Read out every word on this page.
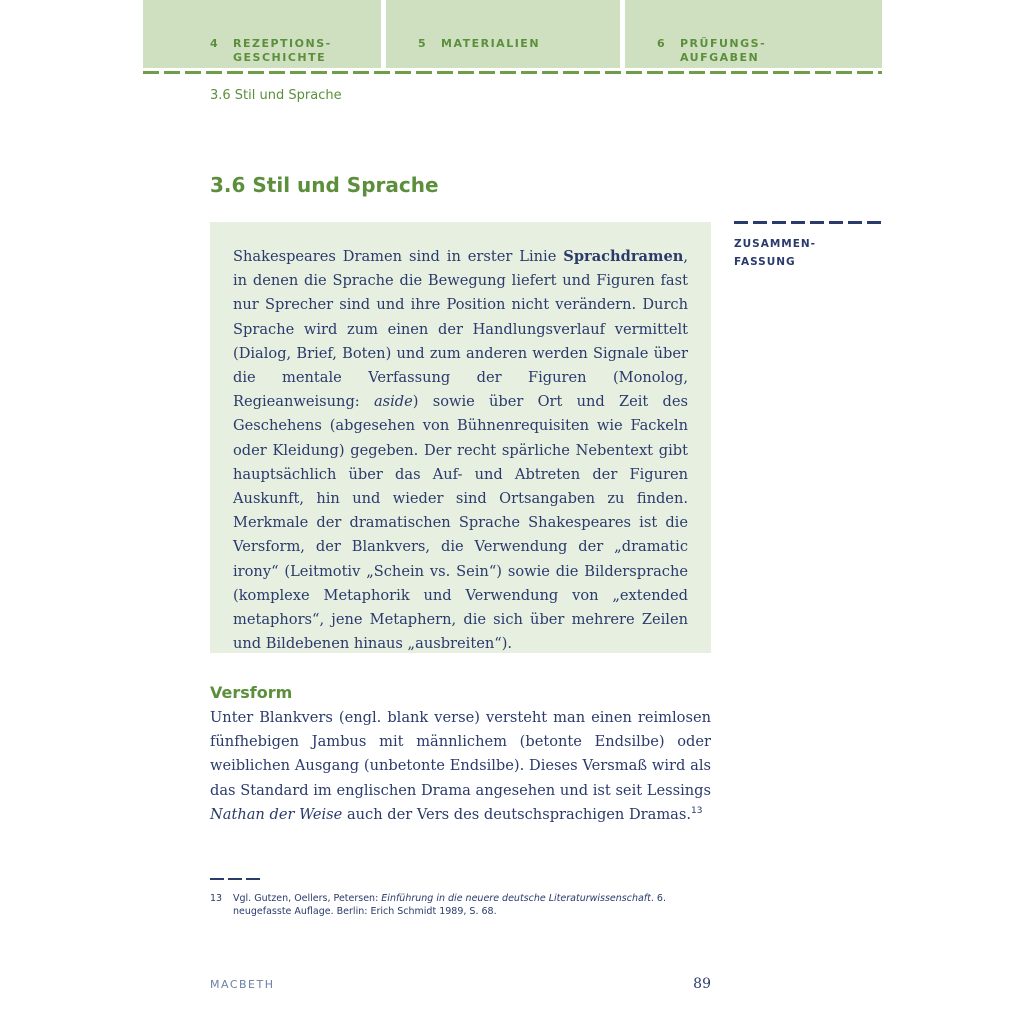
4 REZEPTIONS-
GESCHICHTE
5 MATERIALIEN	6 PRÜFUNGS-
AUFGABEN
3.6 Stil und Sprache
3.6 Stil und Sprache
ZUSAMMEN-
FASSUNG

Shakespeares Dramen sind in erster Linie Sprachdramen, in denen die Sprache die Bewegung liefert und Figuren fast nur Sprecher sind und ihre Position nicht verändern. Durch Sprache wird zum einen der Handlungsverlauf vermittelt (Dialog, Brief, Boten) und zum anderen werden Signale über die mentale Verfassung der Figuren (Monolog, Regieanweisung: aside) sowie über Ort und Zeit des Geschehens (abgesehen von Bühnenrequisiten wie Fackeln oder Kleidung) gegeben. Der recht spärliche Nebentext gibt hauptsächlich über das Auf- und Abtreten der Figuren Auskunft, hin und wieder sind Ortsangaben zu finden. Merkmale der dramatischen Sprache Shakespeares ist die Versform, der Blankvers, die Verwendung der „dramatic irony“ (Leitmotiv „Schein vs. Sein“) sowie die Bildersprache (komplexe Metaphorik und Verwendung von „extended metaphors“, jene Metaphern, die sich über mehrere Zeilen und Bildebenen hinaus „ausbreiten“).

Versform

Unter Blankvers (engl. blank verse) versteht man einen reimlosen fünfhebigen Jambus mit männlichem (betonte Endsilbe) oder weiblichen Ausgang (unbetonte Endsilbe). Dieses Versmaß wird als das Standard im englischen Drama angesehen und ist seit Lessings Nathan der Weise auch der Vers des deutschsprachigen Dramas.$^{13}$

13 Vgl. Gutzen, Oellers, Petersen: Einführung in die neuere deutsche Literaturwissenschaft. 6. neugefasste Auflage. Berlin: Erich Schmidt 1989, S. 68.
MACBETH	89
